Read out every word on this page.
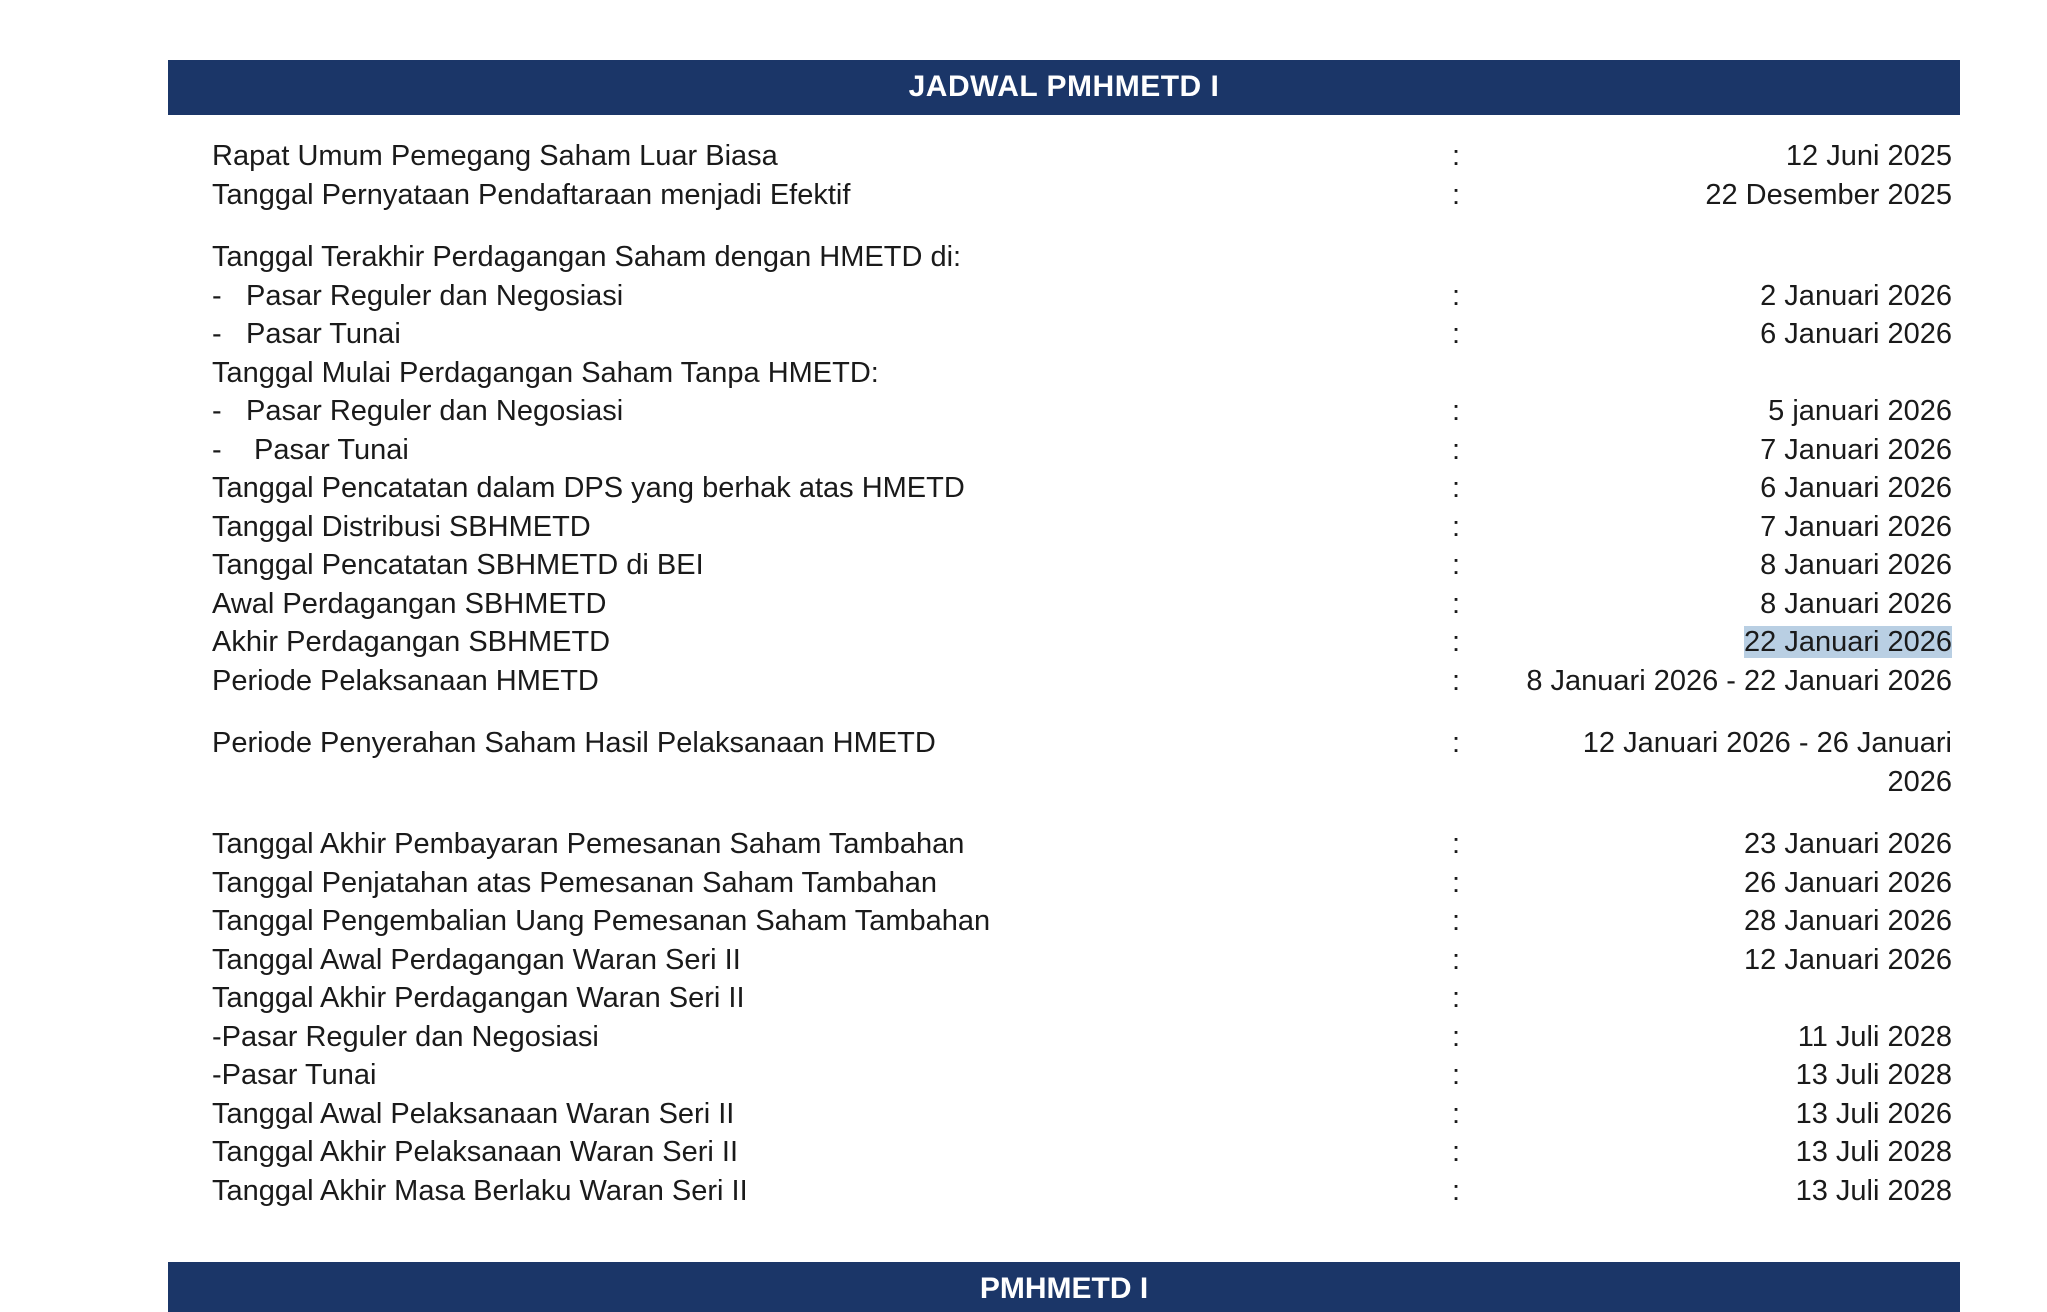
JADWAL PMHMETD I
Rapat Umum Pemegang Saham Luar Biasa	:	12 Juni 2025
Tanggal Pernyataan Pendaftaraan menjadi Efektif	:	22 Desember 2025

Tanggal Terakhir Perdagangan Saham dengan HMETD di:		
- Pasar Reguler dan Negosiasi	:	2 Januari 2026
- Pasar Tunai	:	6 Januari 2026
Tanggal Mulai Perdagangan Saham Tanpa HMETD:		
- Pasar Reguler dan Negosiasi	:	5 januari 2026
- Pasar Tunai	:	7 Januari 2026
Tanggal Pencatatan dalam DPS yang berhak atas HMETD	:	6 Januari 2026
Tanggal Distribusi SBHMETD	:	7 Januari 2026
Tanggal Pencatatan SBHMETD di BEI	:	8 Januari 2026
Awal Perdagangan SBHMETD	:	8 Januari 2026
Akhir Perdagangan SBHMETD	:	22 Januari 2026
Periode Pelaksanaan HMETD	:	8 Januari 2026 - 22 Januari 2026

Periode Penyerahan Saham Hasil Pelaksanaan HMETD	:	12 Januari 2026 - 26 Januari 2026

Tanggal Akhir Pembayaran Pemesanan Saham Tambahan	:	23 Januari 2026
Tanggal Penjatahan atas Pemesanan Saham Tambahan	:	26 Januari 2026
Tanggal Pengembalian Uang Pemesanan Saham Tambahan	:	28 Januari 2026
Tanggal Awal Perdagangan Waran Seri II	:	12 Januari 2026
Tanggal Akhir Perdagangan Waran Seri II	:	
-Pasar Reguler dan Negosiasi	:	11 Juli 2028
-Pasar Tunai	:	13 Juli 2028
Tanggal Awal Pelaksanaan Waran Seri II	:	13 Juli 2026
Tanggal Akhir Pelaksanaan Waran Seri II	:	13 Juli 2028
Tanggal Akhir Masa Berlaku Waran Seri II	:	13 Juli 2028
PMHMETD I
